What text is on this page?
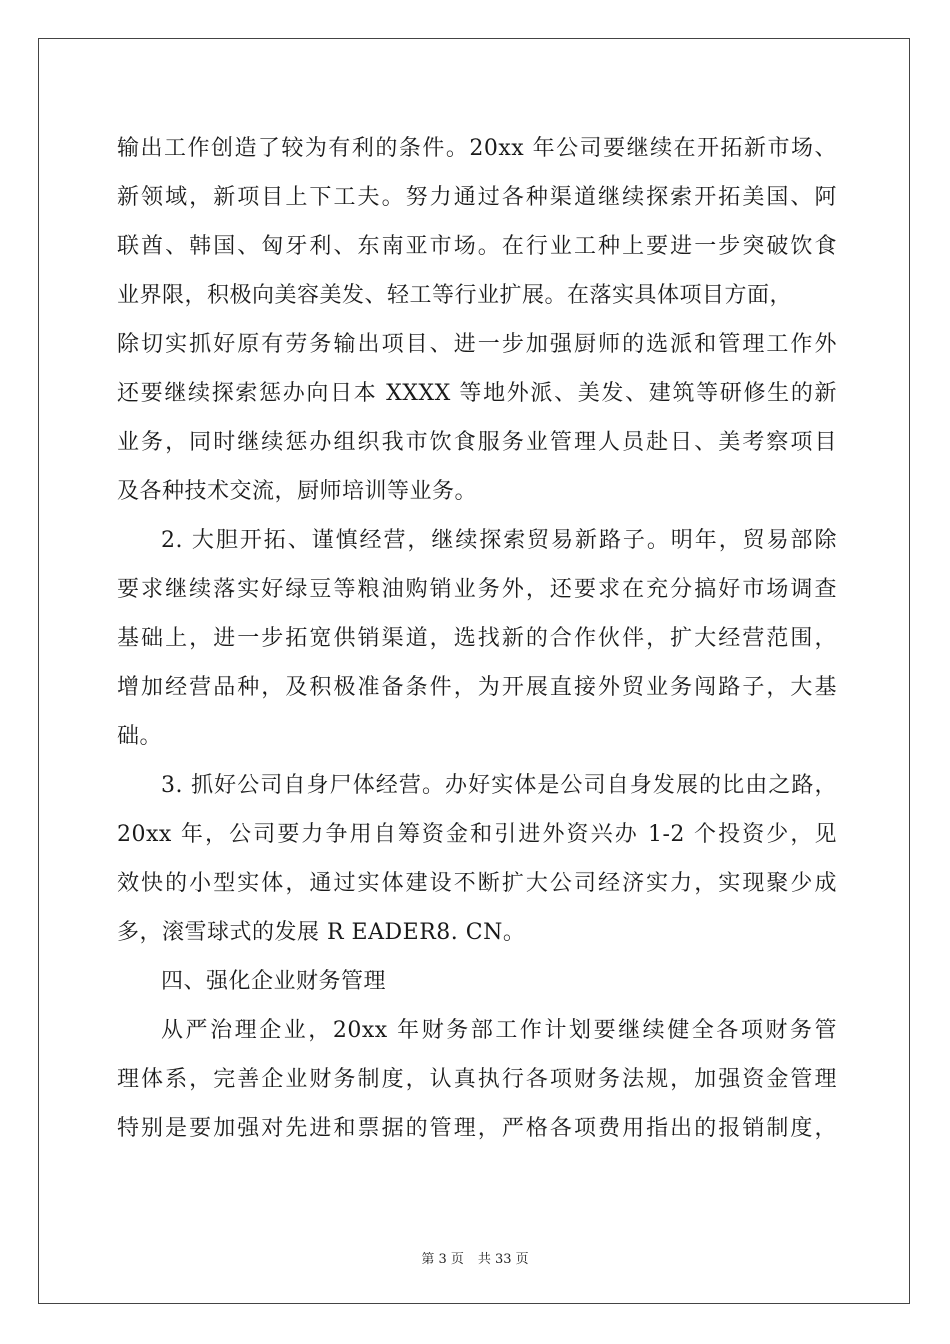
输出工作创造了较为有利的条件。20xx 年公司要继续在开拓新市场、
新领域，新项目上下工夫。努力通过各种渠道继续探索开拓美国、阿
联酋、韩国、匈牙利、东南亚市场。在行业工种上要进一步突破饮食
业界限，积极向美容美发、轻工等行业扩展。在落实具体项目方面，
除切实抓好原有劳务输出项目、进一步加强厨师的选派和管理工作外
还要继续探索惩办向日本 XXXX 等地外派、美发、建筑等研修生的新
业务，同时继续惩办组织我市饮食服务业管理人员赴日、美考察项目
及各种技术交流，厨师培训等业务。
2. 大胆开拓、谨慎经营，继续探索贸易新路子。明年，贸易部除
要求继续落实好绿豆等粮油购销业务外，还要求在充分搞好市场调查
基础上，进一步拓宽供销渠道，选找新的合作伙伴，扩大经营范围，
增加经营品种，及积极准备条件，为开展直接外贸业务闯路子，大基
础。
3. 抓好公司自身尸体经营。办好实体是公司自身发展的比由之路，
20xx 年，公司要力争用自筹资金和引进外资兴办 1-2 个投资少，见
效快的小型实体，通过实体建设不断扩大公司经济实力，实现聚少成
多，滚雪球式的发展 R EADER8. CN。
四、强化企业财务管理
从严治理企业，20xx 年财务部工作计划要继续健全各项财务管
理体系，完善企业财务制度，认真执行各项财务法规，加强资金管理
特别是要加强对先进和票据的管理，严格各项费用指出的报销制度，
第 3 页 共 33 页
